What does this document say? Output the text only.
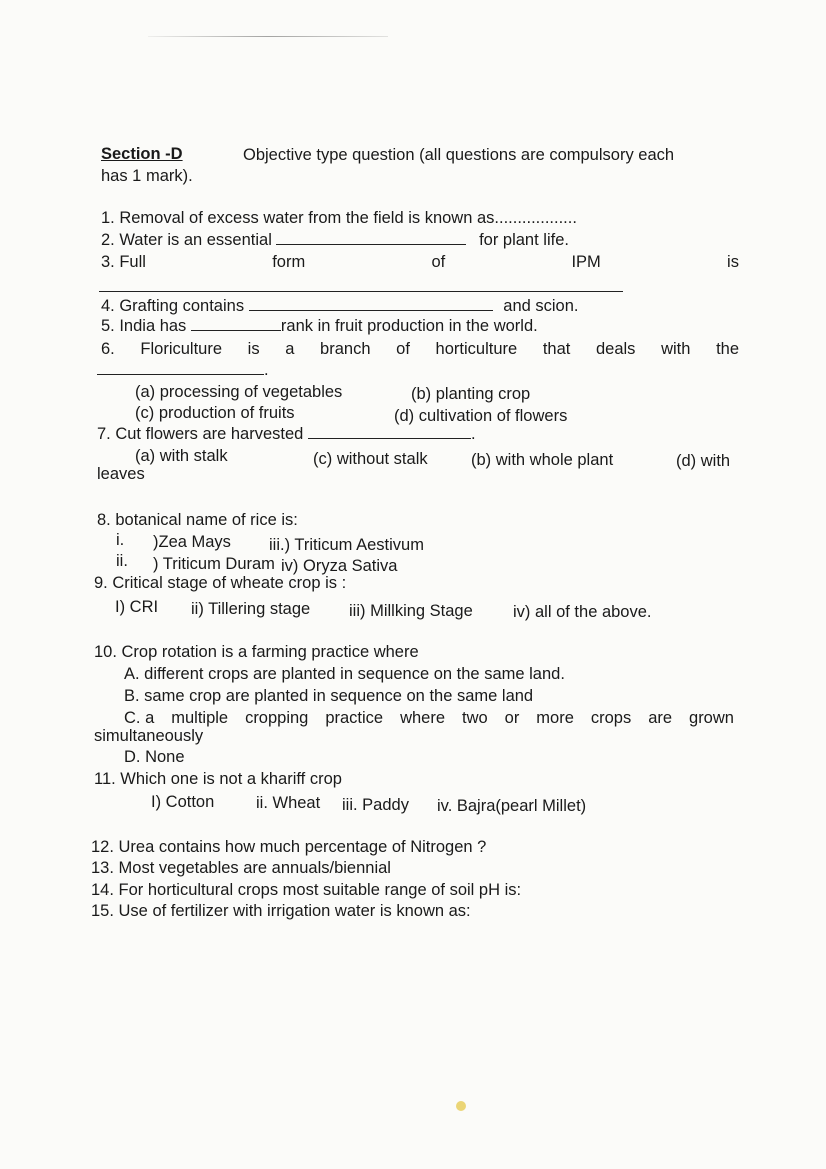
Section -D	Objective type question (all questions are compulsory each
has 1 mark).
1. Removal of excess water from the field is known as..................
2. Water is an essential	for plant life.
3. Full	form	of	IPM	is
4. Grafting contains	and scion.
5. India has	rank in fruit production in the world.
6. Floriculture is a branch of horticulture that deals with the
.
(a) processing of vegetables	(b) planting crop
(c) production of fruits	(d) cultivation of flowers
7. Cut flowers are harvested	.
(a) with stalk	(c) without stalk	(b) with whole plant	(d) with
leaves
8. botanical name of rice is:
i. )Zea Mays iii.) Triticum Aestivum
ii. ) Triticum Duram iv) Oryza Sativa
9. Critical stage of wheate crop is :
I) CRI ii) Tillering stage iii) Millking Stage iv) all of the above.
10. Crop rotation is a farming practice where
A. different crops are planted in sequence on the same land.
B. same crop are planted in sequence on the same land
C. a multiple cropping practice where two or more crops are grown
simultaneously
D. None
11. Which one is not a khariff crop
I) Cotton	ii. Wheat iii. Paddy iv. Bajra(pearl Millet)
12. Urea contains how much percentage of Nitrogen ?
13. Most vegetables are annuals/biennial
14. For horticultural crops most suitable range of soil pH is:
15. Use of fertilizer with irrigation water is known as:
